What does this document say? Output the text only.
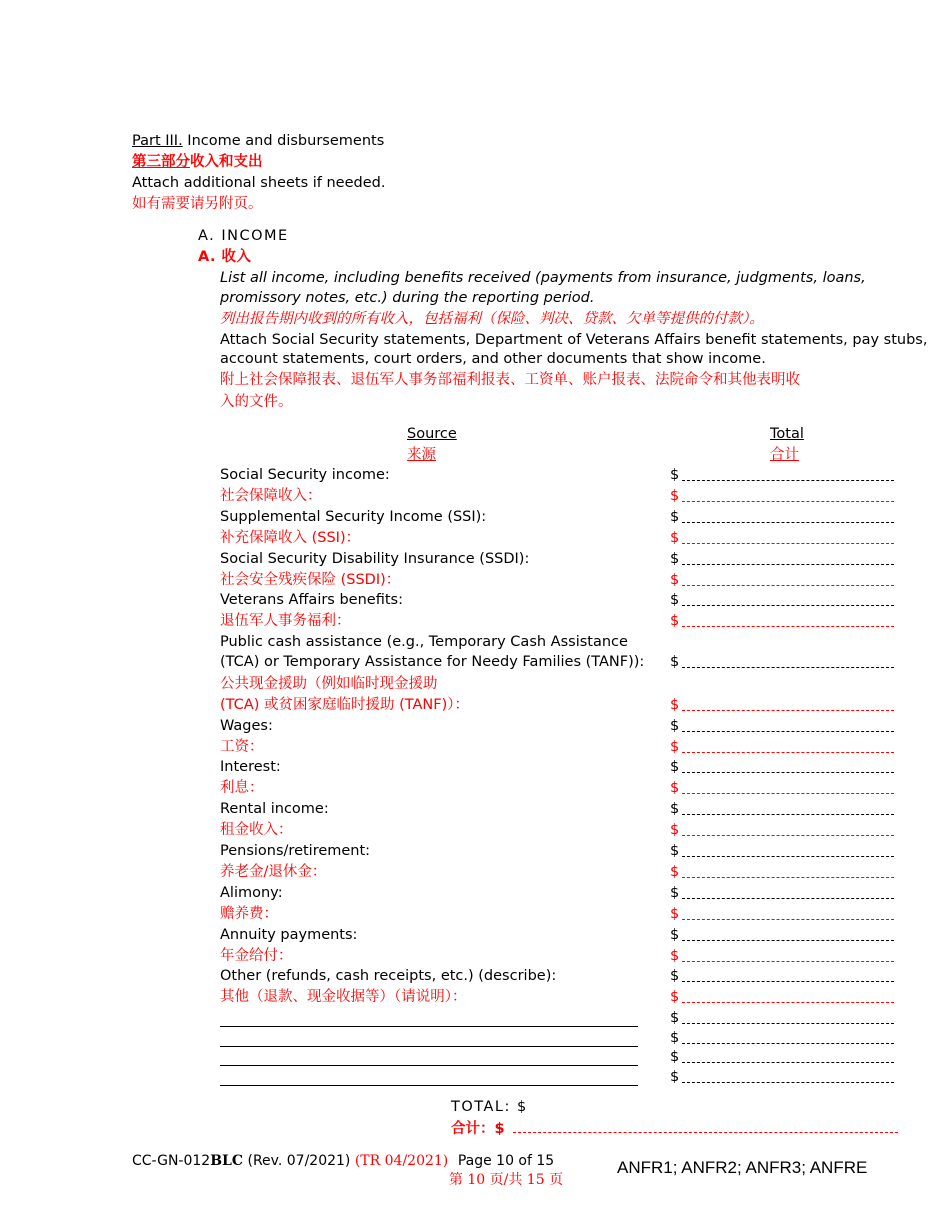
Part III. Income and disbursements
第三部分收入和支出
Attach additional sheets if needed.
如有需要请另附页。
A. INCOME
A. 收入
List all income, including benefits received (payments from insurance, judgments, loans,
promissory notes, etc.) during the reporting period.
列出报告期内收到的所有收入，包括福利（保险、判决、贷款、欠单等提供的付款）。
Attach Social Security statements, Department of Veterans Affairs benefit statements, pay stubs,
account statements, court orders, and other documents that show income.
附上社会保障报表、退伍军人事务部福利报表、工资单、账户报表、法院命令和其他表明收
入的文件。
Source
来源
Total
合计
Social Security income:	$
社会保障收入：	$
Supplemental Security Income (SSI):	$
补充保障收入 (SSI)：	$
Social Security Disability Insurance (SSDI):	$
社会安全残疾保险 (SSDI)：	$
Veterans Affairs benefits:	$
退伍军人事务福利：	$
Public cash assistance (e.g., Temporary Cash Assistance
(TCA) or Temporary Assistance for Needy Families (TANF)): $
公共现金援助（例如临时现金援助
(TCA) 或贫困家庭临时援助 (TANF)）：	$
Wages:	$
工资：	$
Interest:	$
利息：	$
Rental income:	$
租金收入：	$
Pensions/retirement:	$
养老金/退休金：	$
Alimony:	$
赡养费：	$
Annuity payments:	$
年金给付：	$
Other (refunds, cash receipts, etc.) (describe):	$
其他（退款、现金收据等）（请说明）：	$
$
$
$
$
TOTAL: $
合计：$
CC-GN-012BLC (Rev. 07/2021) (TR 04/2021) Page 10 of 15
第 10 页/共 15 页
ANFR1; ANFR2; ANFR3; ANFRE
